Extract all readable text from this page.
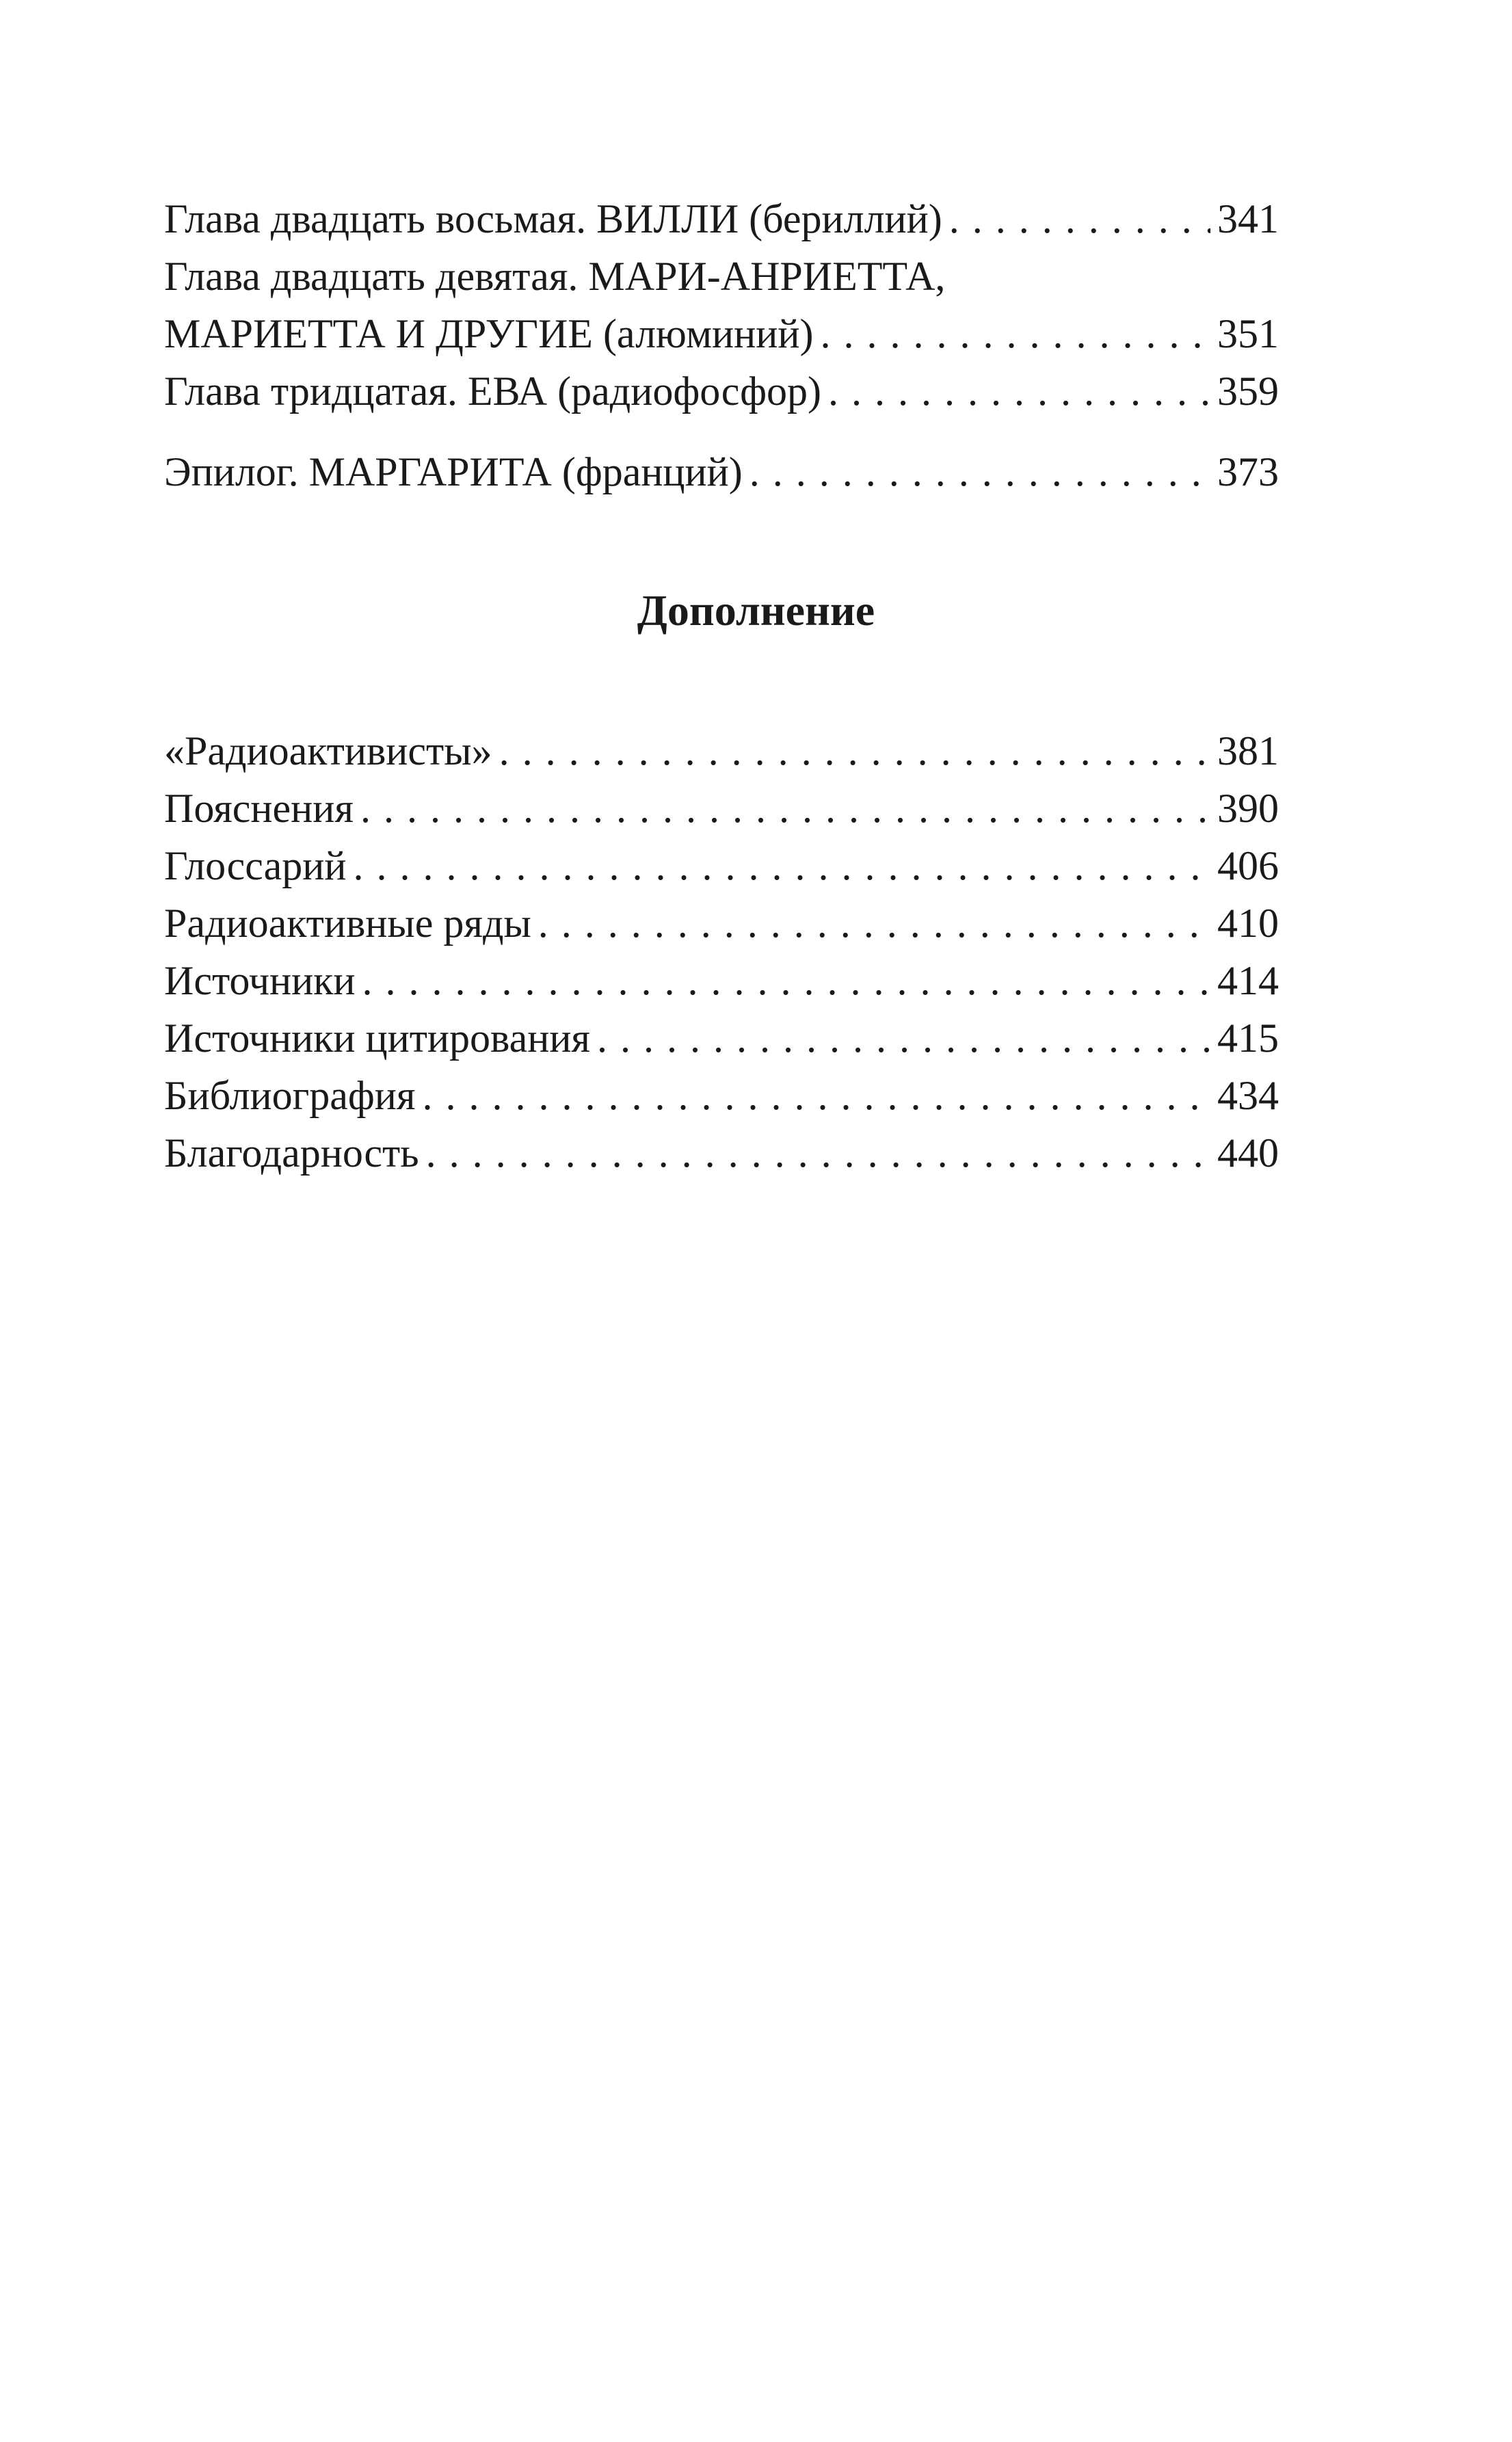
Глава двадцать восьмая. ВИЛЛИ (бериллий) . . .	341
Глава двадцать девятая. МАРИ-АНРИЕТТА,
МАРИЕТТА И ДРУГИЕ (алюминий) . . .	351
Глава тридцатая. ЕВА (радиофосфор) . . .	359
Эпилог. МАРГАРИТА (франций) . . .	373
Дополнение
«Радиоактивисты» . . .	381
Пояснения . . .	390
Глоссарий . . .	406
Радиоактивные ряды . . .	410
Источники . . .	414
Источники цитирования . . .	415
Библиография . . .	434
Благодарность . . .	440
